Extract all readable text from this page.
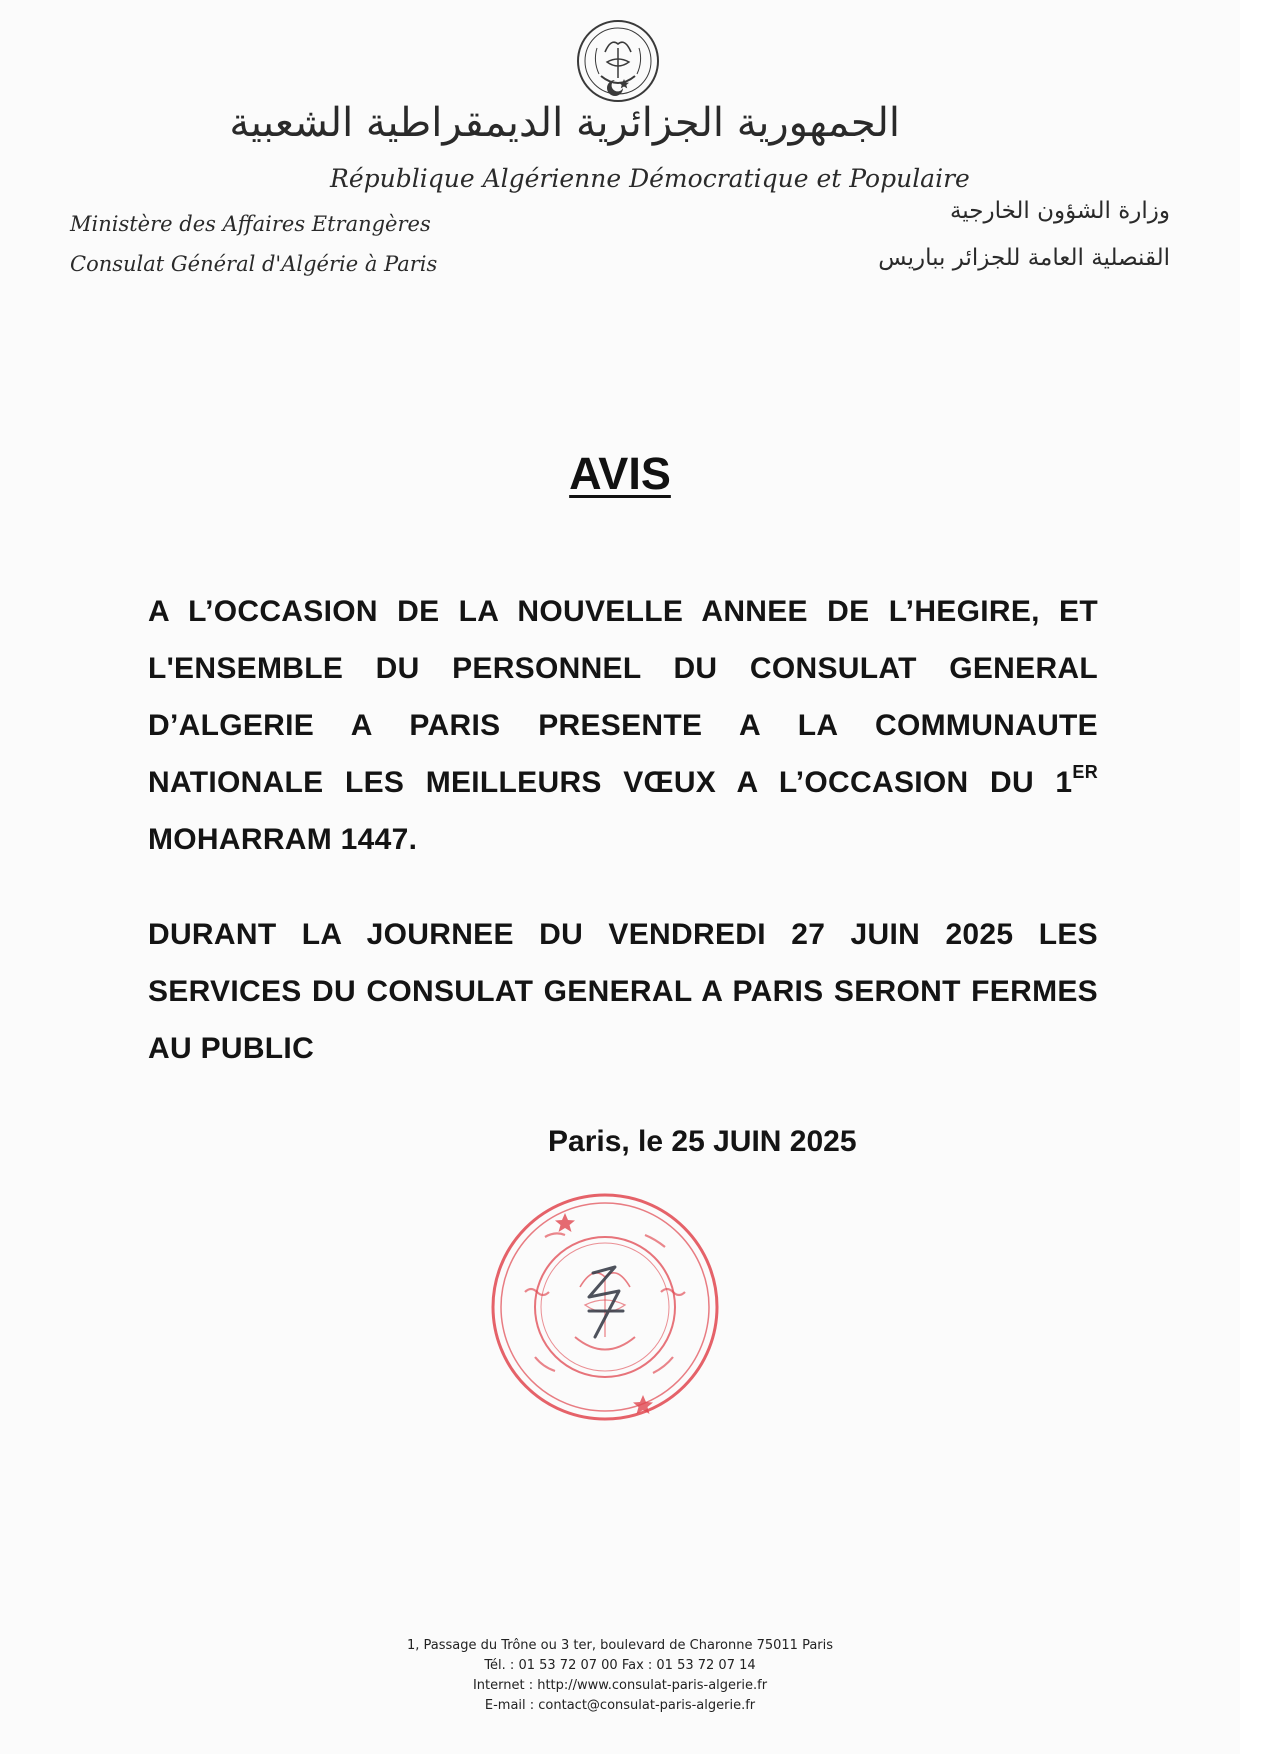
الجمهورية الجزائرية الديمقراطية الشعبية
République Algérienne Démocratique et Populaire
Ministère des Affaires Etrangères
Consulat Général d'Algérie à Paris
وزارة الشؤون الخارجية
القنصلية العامة للجزائر بباريس
AVIS

A L’OCCASION DE LA NOUVELLE ANNEE DE L’HEGIRE, ET L'ENSEMBLE DU PERSONNEL DU CONSULAT GENERAL D’ALGERIE A PARIS PRESENTE A LA COMMUNAUTE NATIONALE LES MEILLEURS VŒUX A L’OCCASION DU 1ER MOHARRAM 1447.

DURANT LA JOURNEE DU VENDREDI 27 JUIN 2025 LES SERVICES DU CONSULAT GENERAL A PARIS SERONT FERMES AU PUBLIC

Paris, le 25 JUIN 2025
1, Passage du Trône ou 3 ter, boulevard de Charonne 75011 Paris
Tél. : 01 53 72 07 00 Fax : 01 53 72 07 14
Internet : http://www.consulat-paris-algerie.fr
E-mail : contact@consulat-paris-algerie.fr
